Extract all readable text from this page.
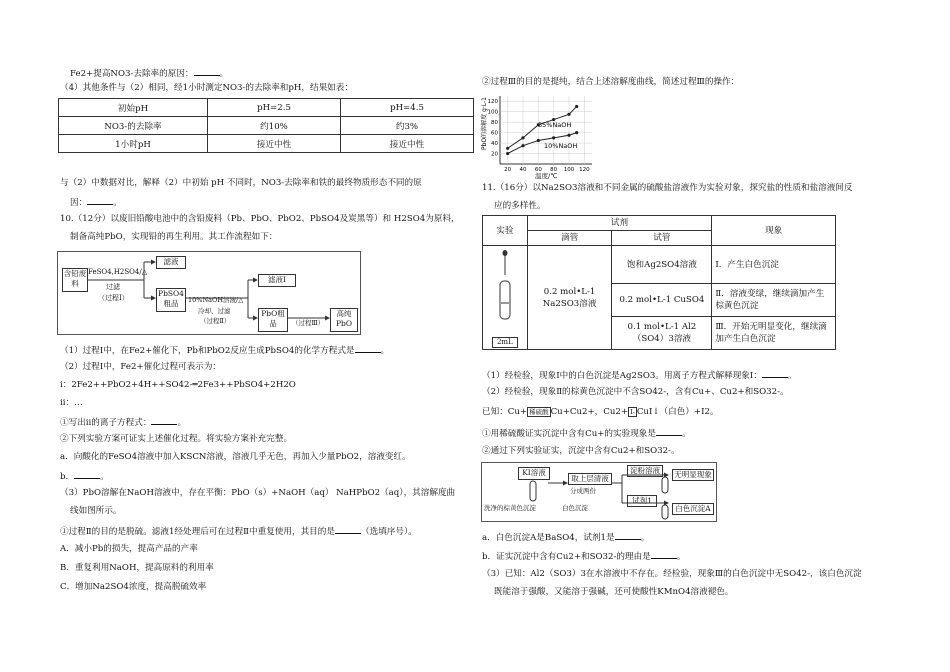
Fe2+提高NO3-去除率的原因：	。
（4）其他条件与（2）相同，经1小时测定NO3-的去除率和pH，结果如表：
初始pH	pH=2.5	pH=4.5
NO3-的去除率	约10%	约3%
1小时pH	接近中性	接近中性
与（2）中数据对比，解释（2）中初始 pH 不同时，NO3-去除率和铁的最终物质形态不同的原
因：	。
10.（12分）以废旧铅酸电池中的含铅废料（Pb、PbO、PbO2、PbSO4及炭黑等）和 H2SO4为原料，
制备高纯PbO，实现铅的再生利用。其工作流程如下：
含铅废料
FeSO4,H2SO4/△
过滤
（过程Ⅰ）
滤液
PbSO4粗品	10%NaOH溶液/△
冷却、过滤
（过程Ⅱ）
滤液Ⅰ
PbO粗品	（过程Ⅲ）
高纯PbO
（1）过程Ⅰ中，在Fe2+催化下，Pb和PbO2反应生成PbSO4的化学方程式是	。
（2）过程Ⅰ中，Fe2+催化过程可表示为：
ⅰ：2Fe2++PbO2+4H++SO42-═2Fe3++PbSO4+2H2O
ⅱ：…
①写出ⅱ的离子方程式：	。
②下列实验方案可证实上述催化过程。将实验方案补充完整。
a．向酸化的FeSO4溶液中加入KSCN溶液，溶液几乎无色，再加入少量PbO2，溶液变红。
b．	。
（3）PbO溶解在NaOH溶液中，存在平衡：PbO（s）+NaOH（aq） NaHPbO2（aq），其溶解度曲
线如图所示。
①过程Ⅱ的目的是脱硫。滤液1经处理后可在过程Ⅱ中重复使用，其目的是	（选填序号）。
A．减小Pb的损失，提高产品的产率
B．重复利用NaOH，提高原料的利用率
C．增加Na2SO4浓度，提高脱硫效率
②过程Ⅲ的目的是提纯，结合上述溶解度曲线，简述过程Ⅲ的操作：
PbO的溶解度 g·L-1
温度/℃
20
40
60
80
100
120
20 40 60 80 100 120
35%NaOH
10%NaOH
11.（16分）以Na2SO3溶液和不同金属的硫酸盐溶液作为实验对象，探究盐的性质和盐溶液间反
应的多样性。
实验	试剂		现象
	滴管	试管	

2mL	0.2 mol•L-1 Na2SO3溶液	饱和Ag2SO4溶液	Ⅰ．产生白色沉淀
		0.2 mol•L-1 CuSO4	Ⅱ．溶液变绿，继续滴加产生棕黄色沉淀
		0.1 mol•L-1 Al2（SO4）3溶液	Ⅲ．开始无明显变化，继续滴加产生白色沉淀
（1）经检验，现象Ⅰ中的白色沉淀是Ag2SO3。用离子方程式解释现象Ⅰ：	。
（2）经检验，现象Ⅱ的棕黄色沉淀中不含SO42-，含有Cu+、Cu2+和SO32-。
已知：Cu+ 稀硫酸 Cu+Cu2+，Cu2+ I- CuI↓（白色）+I2。
①用稀硫酸证实沉淀中含有Cu+的实验现象是	。
②通过下列实验证实，沉淀中含有Cu2+和SO32-。
KI溶液
洗净的棕黄色沉淀
取上层清液
分成两份
白色沉淀
淀粉溶液	无明显现象
试剂1
白色沉淀A
a．白色沉淀A是BaSO4，试剂1是	。
b．证实沉淀中含有Cu2+和SO32-的理由是	。
（3）已知：Al2（SO3）3在水溶液中不存在。经检验，现象Ⅲ的白色沉淀中无SO42-，该白色沉淀
既能溶于强酸，又能溶于强碱，还可使酸性KMnO4溶液褪色。
